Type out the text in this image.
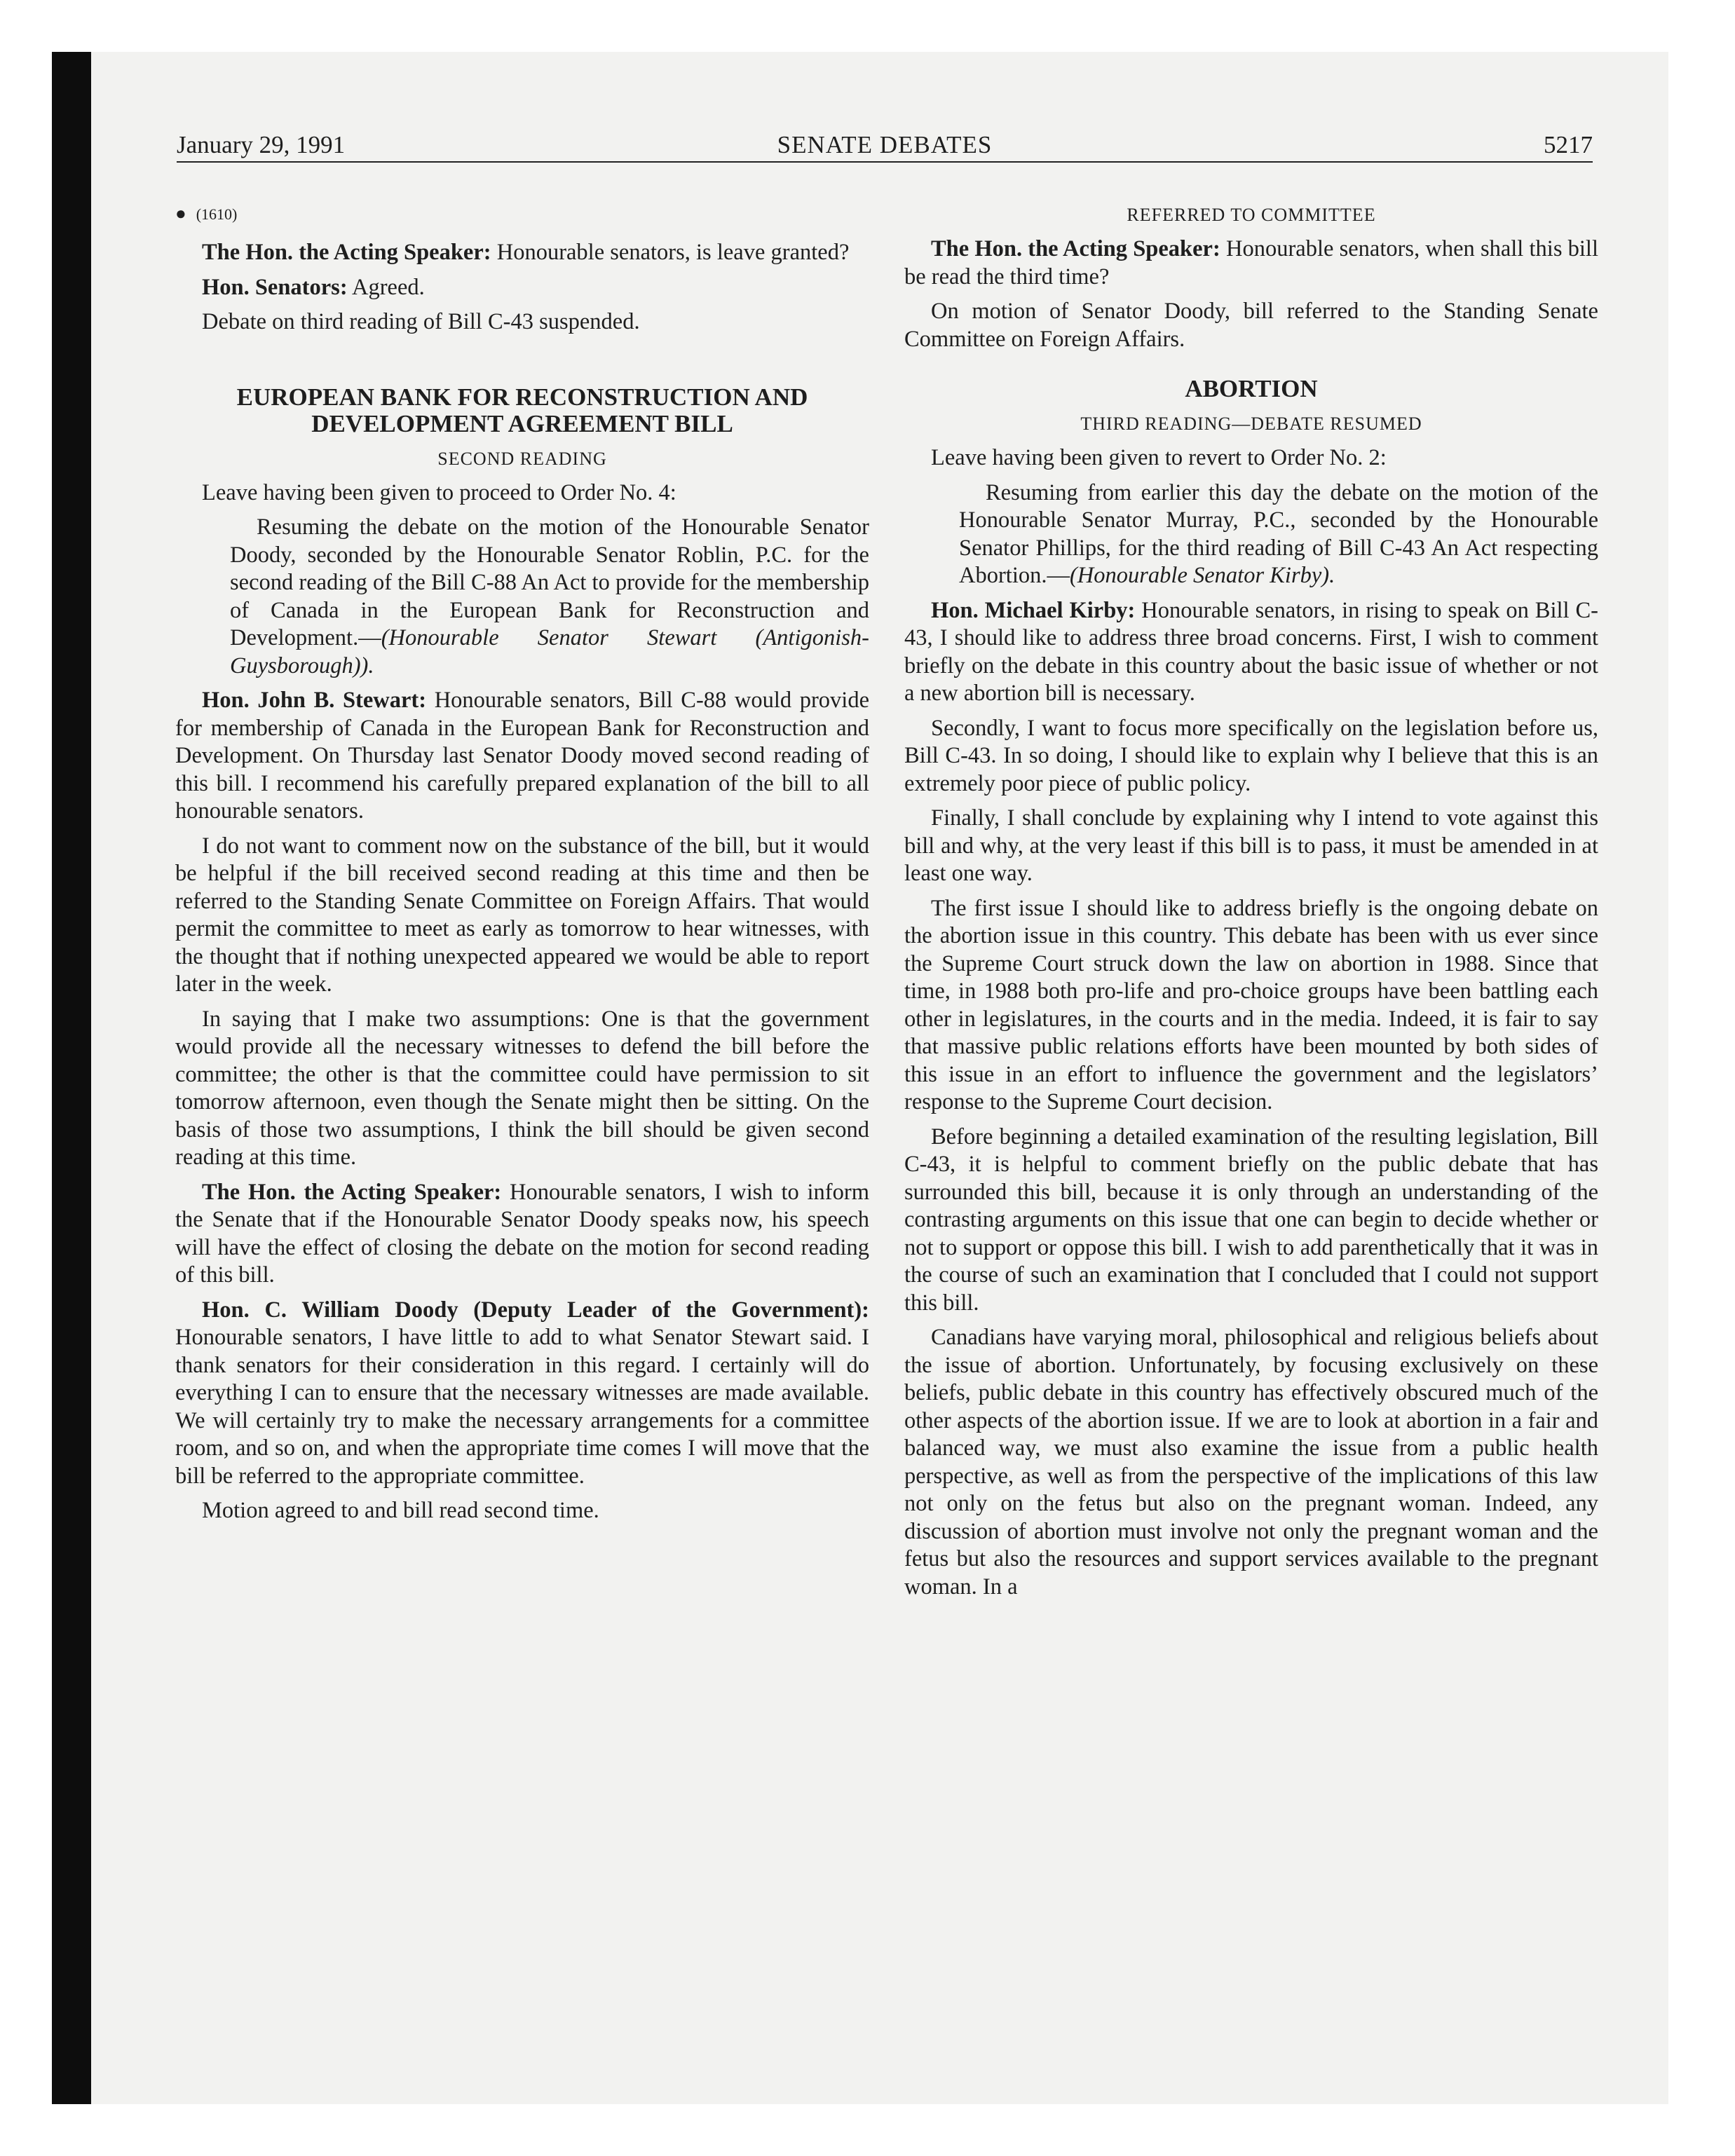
January 29, 1991	SENATE DEBATES	5217
● (1610)

The Hon. the Acting Speaker: Honourable senators, is leave granted?

Hon. Senators: Agreed.

Debate on third reading of Bill C-43 suspended.

EUROPEAN BANK FOR RECONSTRUCTION AND
DEVELOPMENT AGREEMENT BILL
SECOND READING

Leave having been given to proceed to Order No. 4:

Resuming the debate on the motion of the Honourable Senator Doody, seconded by the Honourable Senator Roblin, P.C. for the second reading of the Bill C-88 An Act to provide for the membership of Canada in the European Bank for Reconstruction and Development.—(Honourable Senator Stewart (Antigonish-Guysborough)).

Hon. John B. Stewart: Honourable senators, Bill C-88 would provide for membership of Canada in the European Bank for Reconstruction and Development. On Thursday last Senator Doody moved second reading of this bill. I recommend his carefully prepared explanation of the bill to all honourable senators.

I do not want to comment now on the substance of the bill, but it would be helpful if the bill received second reading at this time and then be referred to the Standing Senate Committee on Foreign Affairs. That would permit the committee to meet as early as tomorrow to hear witnesses, with the thought that if nothing unexpected appeared we would be able to report later in the week.

In saying that I make two assumptions: One is that the government would provide all the necessary witnesses to defend the bill before the committee; the other is that the committee could have permission to sit tomorrow afternoon, even though the Senate might then be sitting. On the basis of those two assumptions, I think the bill should be given second reading at this time.

The Hon. the Acting Speaker: Honourable senators, I wish to inform the Senate that if the Honourable Senator Doody speaks now, his speech will have the effect of closing the debate on the motion for second reading of this bill.

Hon. C. William Doody (Deputy Leader of the Government): Honourable senators, I have little to add to what Senator Stewart said. I thank senators for their consideration in this regard. I certainly will do everything I can to ensure that the necessary witnesses are made available. We will certainly try to make the necessary arrangements for a committee room, and so on, and when the appropriate time comes I will move that the bill be referred to the appropriate committee.

Motion agreed to and bill read second time.

REFERRED TO COMMITTEE

The Hon. the Acting Speaker: Honourable senators, when shall this bill be read the third time?

On motion of Senator Doody, bill referred to the Standing Senate Committee on Foreign Affairs.

ABORTION
THIRD READING—DEBATE RESUMED

Leave having been given to revert to Order No. 2:

Resuming from earlier this day the debate on the motion of the Honourable Senator Murray, P.C., seconded by the Honourable Senator Phillips, for the third reading of Bill C-43 An Act respecting Abortion.—(Honourable Senator Kirby).

Hon. Michael Kirby: Honourable senators, in rising to speak on Bill C-43, I should like to address three broad concerns. First, I wish to comment briefly on the debate in this country about the basic issue of whether or not a new abortion bill is necessary.

Secondly, I want to focus more specifically on the legislation before us, Bill C-43. In so doing, I should like to explain why I believe that this is an extremely poor piece of public policy.

Finally, I shall conclude by explaining why I intend to vote against this bill and why, at the very least if this bill is to pass, it must be amended in at least one way.

The first issue I should like to address briefly is the ongoing debate on the abortion issue in this country. This debate has been with us ever since the Supreme Court struck down the law on abortion in 1988. Since that time, in 1988 both pro-life and pro-choice groups have been battling each other in legislatures, in the courts and in the media. Indeed, it is fair to say that massive public relations efforts have been mounted by both sides of this issue in an effort to influence the government and the legislators’ response to the Supreme Court decision.

Before beginning a detailed examination of the resulting legislation, Bill C-43, it is helpful to comment briefly on the public debate that has surrounded this bill, because it is only through an understanding of the contrasting arguments on this issue that one can begin to decide whether or not to support or oppose this bill. I wish to add parenthetically that it was in the course of such an examination that I concluded that I could not support this bill.

Canadians have varying moral, philosophical and religious beliefs about the issue of abortion. Unfortunately, by focusing exclusively on these beliefs, public debate in this country has effectively obscured much of the other aspects of the abortion issue. If we are to look at abortion in a fair and balanced way, we must also examine the issue from a public health perspective, as well as from the perspective of the implications of this law not only on the fetus but also on the pregnant woman. Indeed, any discussion of abortion must involve not only the pregnant woman and the fetus but also the resources and support services available to the pregnant woman. In a
